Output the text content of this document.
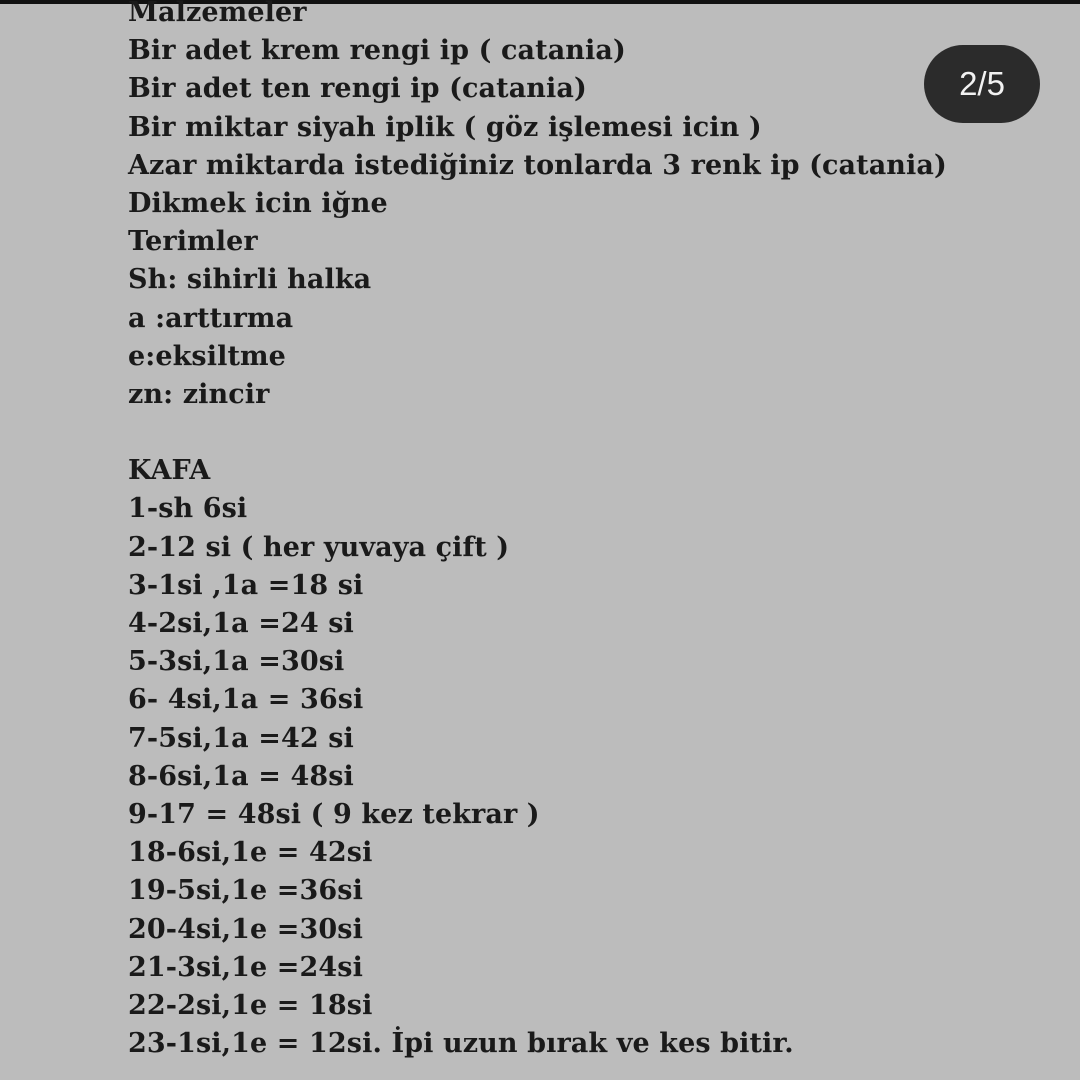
Malzemeler
Bir adet krem rengi ip ( catania)
Bir adet ten rengi ip (catania)
Bir miktar siyah iplik ( göz işlemesi icin )
Azar miktarda istediğiniz tonlarda 3 renk ip (catania)
Dikmek icin iğne
Terimler
Sh: sihirli halka
a :arttırma
e:eksiltme
zn: zincir
KAFA
1-sh 6si
2-12 si ( her yuvaya çift )
3-1si ,1a =18 si
4-2si,1a =24 si
5-3si,1a =30si
6- 4si,1a = 36si
7-5si,1a =42 si
8-6si,1a = 48si
9-17 = 48si ( 9 kez tekrar )
18-6si,1e = 42si
19-5si,1e =36si
20-4si,1e =30si
21-3si,1e =24si
22-2si,1e = 18si
23-1si,1e = 12si. İpi uzun bırak ve kes bitir.
2/5
